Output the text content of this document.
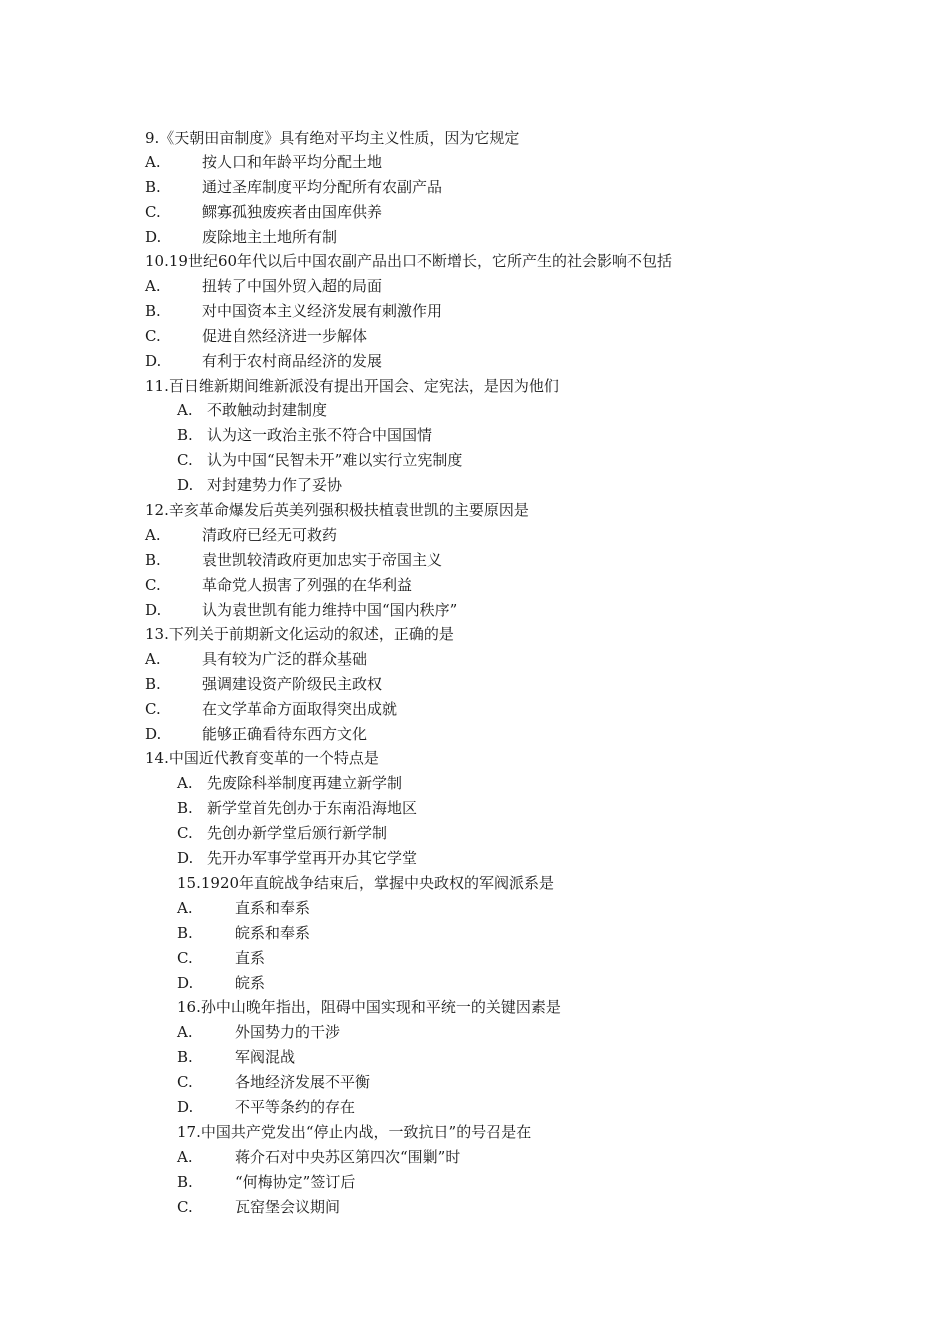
9.《天朝田亩制度》具有绝对平均主义性质，因为它规定
A.	按人口和年龄平均分配土地
B.	通过圣库制度平均分配所有农副产品
C.	鳏寡孤独废疾者由国库供养
D.	废除地主土地所有制
10.19世纪60年代以后中国农副产品出口不断增长，它所产生的社会影响不包括
A.	扭转了中国外贸入超的局面
B.	对中国资本主义经济发展有刺激作用
C.	促进自然经济进一步解体
D.	有利于农村商品经济的发展
11.百日维新期间维新派没有提出开国会、定宪法，是因为他们
A. 不敢触动封建制度
B. 认为这一政治主张不符合中国国情
C. 认为中国“民智未开”难以实行立宪制度
D. 对封建势力作了妥协
12.辛亥革命爆发后英美列强积极扶植袁世凯的主要原因是
A.	清政府已经无可救药
B.	袁世凯较清政府更加忠实于帝国主义
C.	革命党人损害了列强的在华利益
D.	认为袁世凯有能力维持中国“国内秩序”
13.下列关于前期新文化运动的叙述，正确的是
A.	具有较为广泛的群众基础
B.	强调建设资产阶级民主政权
C.	在文学革命方面取得突出成就
D.	能够正确看待东西方文化
14.中国近代教育变革的一个特点是
A. 先废除科举制度再建立新学制
B. 新学堂首先创办于东南沿海地区
C. 先创办新学堂后颁行新学制
D. 先开办军事学堂再开办其它学堂
15.1920年直皖战争结束后，掌握中央政权的军阀派系是
A.	直系和奉系
B.	皖系和奉系
C.	直系
D.	皖系
16.孙中山晚年指出，阻碍中国实现和平统一的关键因素是
A.	外国势力的干涉
B.	军阀混战
C.	各地经济发展不平衡
D.	不平等条约的存在
17.中国共产党发出“停止内战，一致抗日”的号召是在
A.	蒋介石对中央苏区第四次“围剿”时
B.	“何梅协定”签订后
C.	瓦窑堡会议期间
